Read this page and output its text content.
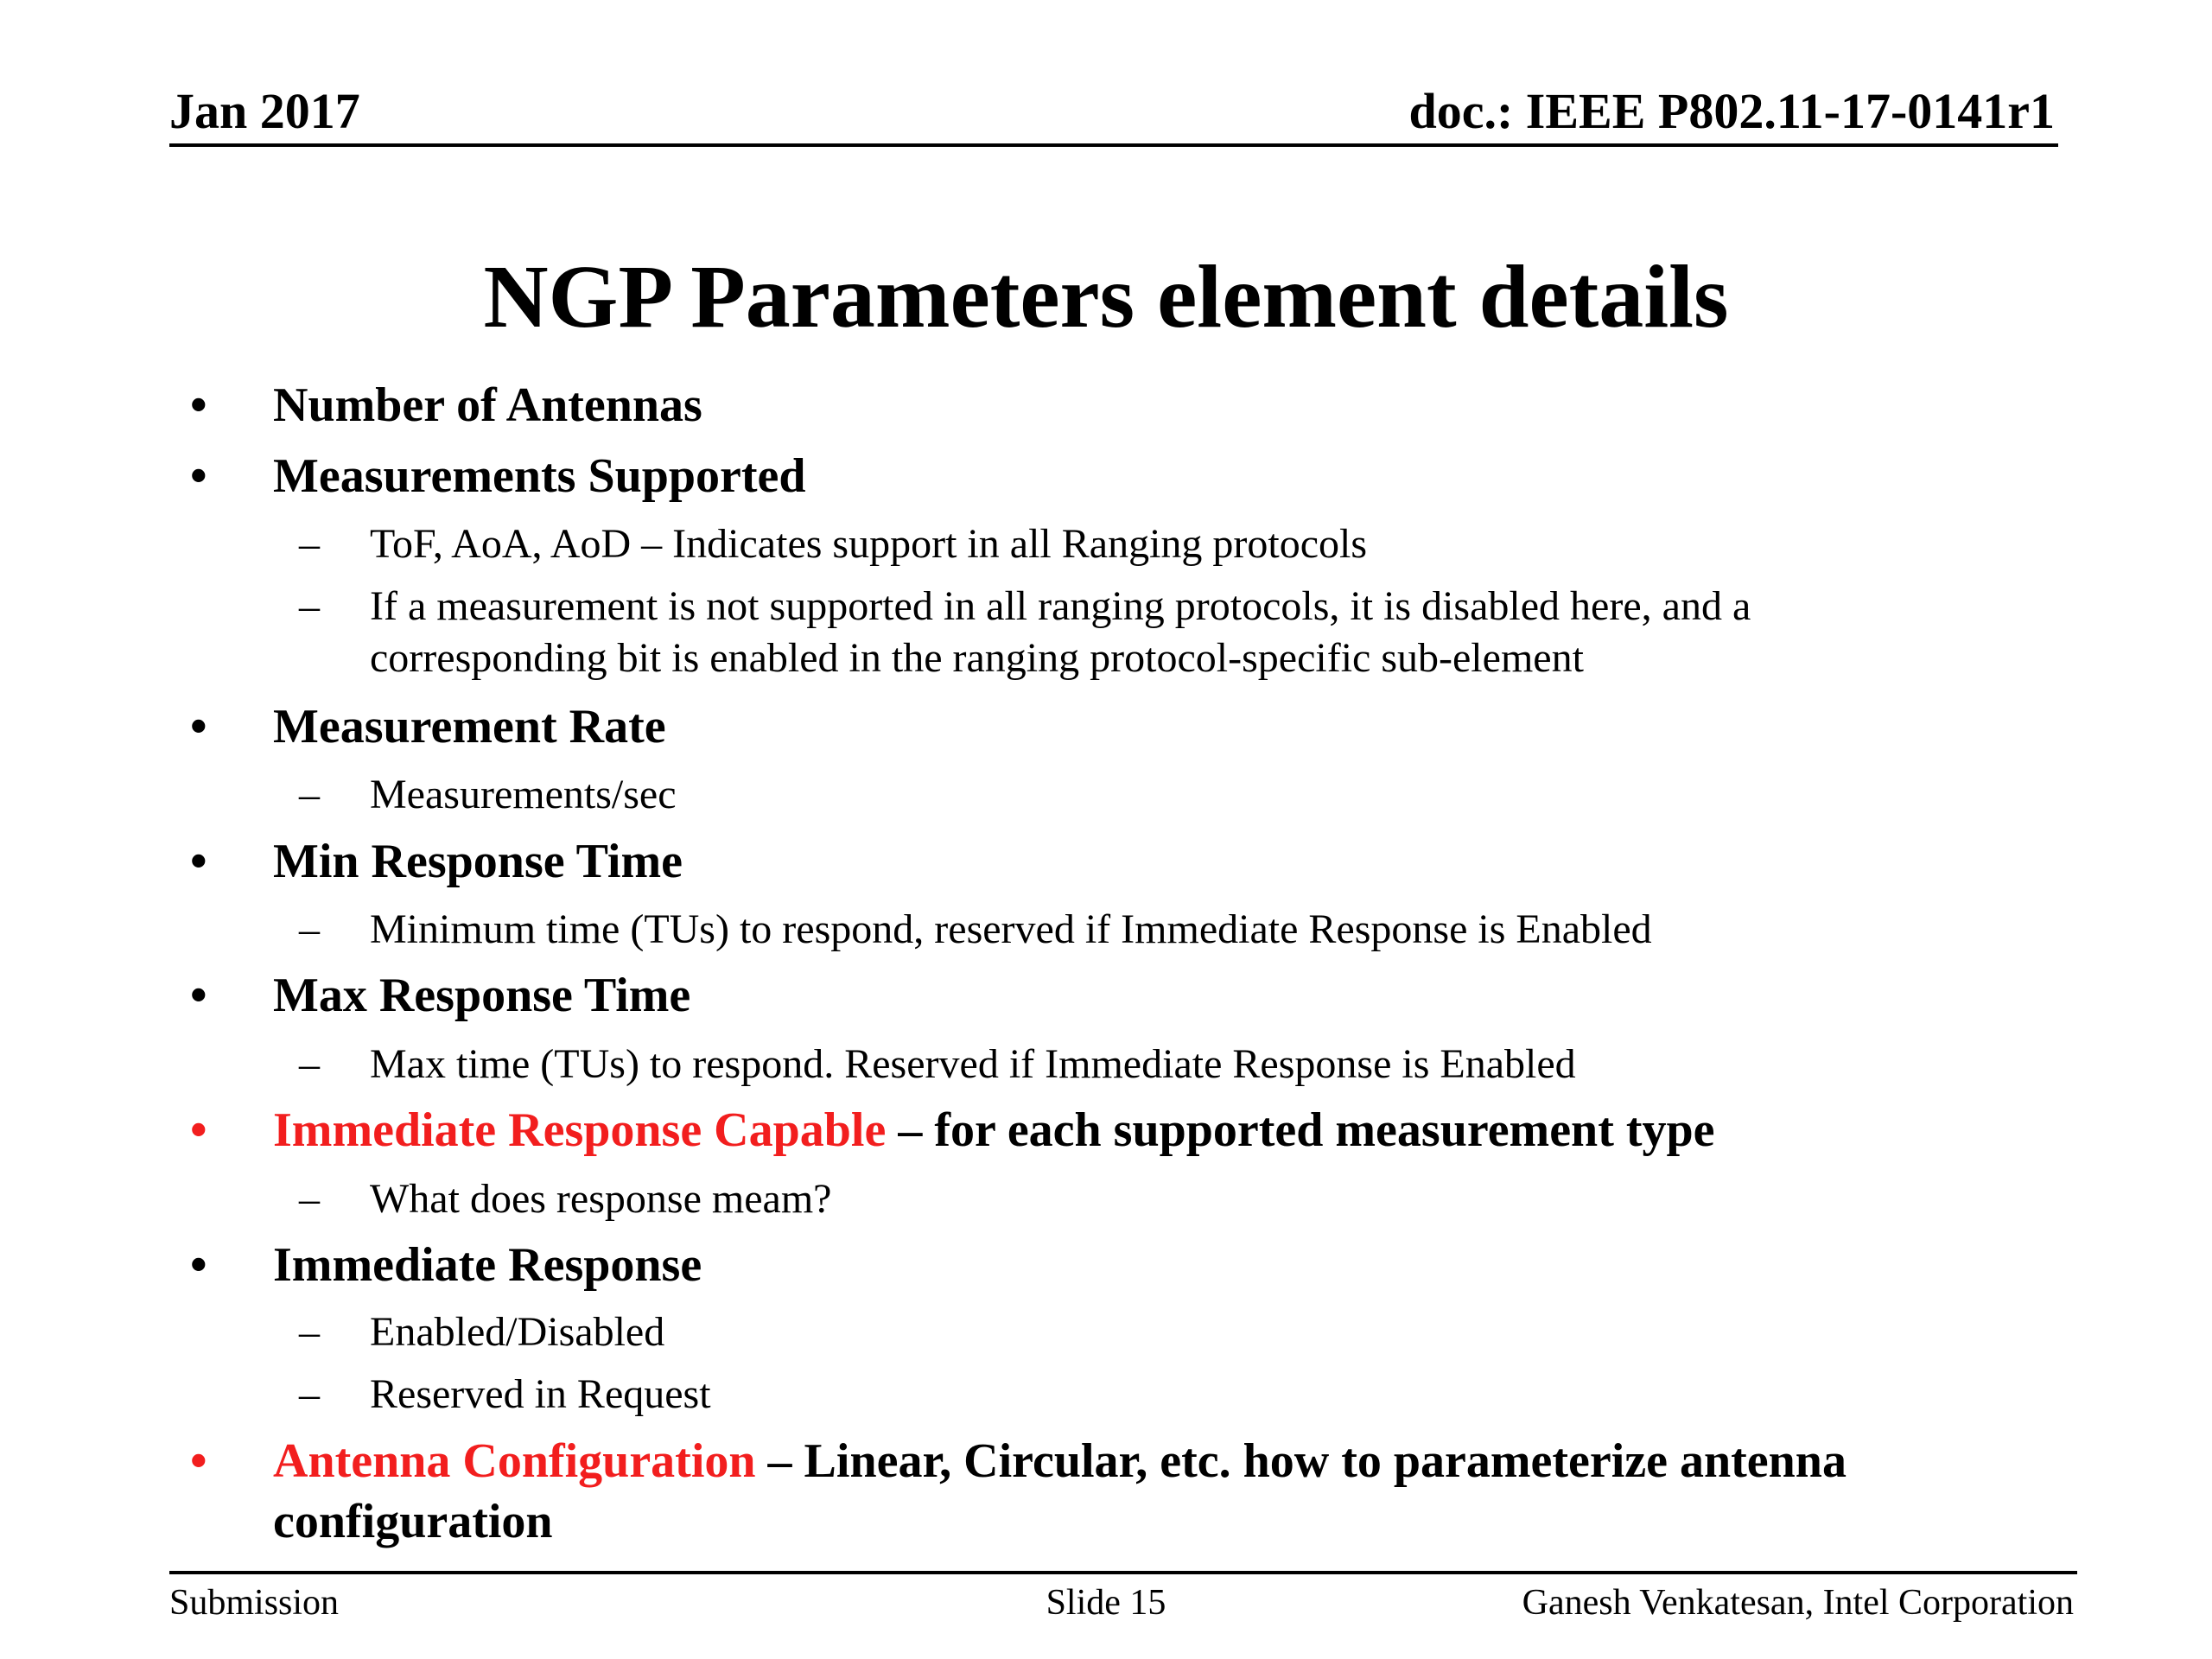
Jan 2017	doc.: IEEE P802.11-17-0141r1
NGP Parameters element details
• Number of Antennas
• Measurements Supported
– ToF, AoA, AoD – Indicates support in all Ranging protocols
– If a measurement is not supported in all ranging protocols, it is disabled here, and a
corresponding bit is enabled in the ranging protocol-specific sub-element
• Measurement Rate
– Measurements/sec
• Min Response Time
– Minimum time (TUs) to respond, reserved if Immediate Response is Enabled
• Max Response Time
– Max time (TUs) to respond. Reserved if Immediate Response is Enabled
• Immediate Response Capable – for each supported measurement type
– What does response meam?
• Immediate Response
– Enabled/Disabled
– Reserved in Request
• Antenna Configuration – Linear, Circular, etc. how to parameterize antenna
configuration
Submission	Slide 15	Ganesh Venkatesan, Intel Corporation
